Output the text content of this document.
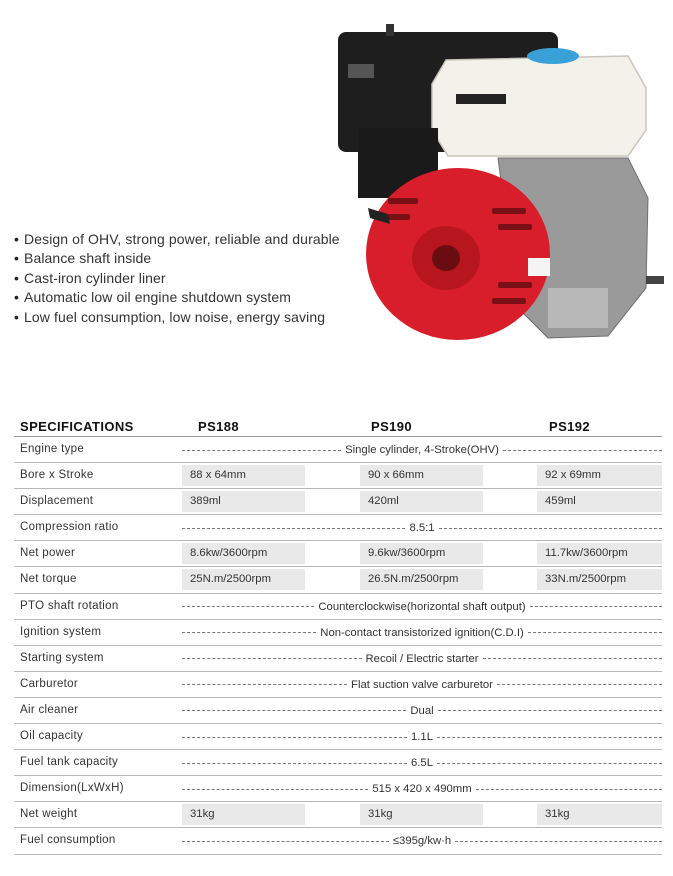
• Design of OHV, strong power, reliable and durable
• Balance shaft inside
• Cast-iron cylinder liner
• Automatic low oil engine shutdown system
• Low fuel consumption, low noise, energy saving
SPECIFICATIONS	PS188	PS190	PS192
Engine type	Single cylinder, 4-Stroke(OHV)
Bore x Stroke	88 x 64mm	90 x 66mm	92 x 69mm
Displacement	389ml	420ml	459ml
Compression ratio	8.5:1
Net power	8.6kw/3600rpm	9.6kw/3600rpm	11.7kw/3600rpm
Net torque	25N.m/2500rpm	26.5N.m/2500rpm	33N.m/2500rpm
PTO shaft rotation	Counterclockwise(horizontal shaft output)
Ignition system	Non-contact transistorized ignition(C.D.I)
Starting system	Recoil / Electric starter
Carburetor	Flat suction valve carburetor
Air cleaner	Dual
Oil capacity	1.1L
Fuel tank capacity	6.5L
Dimension(LxWxH)	515 x 420 x 490mm
Net weight	31kg	31kg	31kg
Fuel consumption	≤395g/kw·h
